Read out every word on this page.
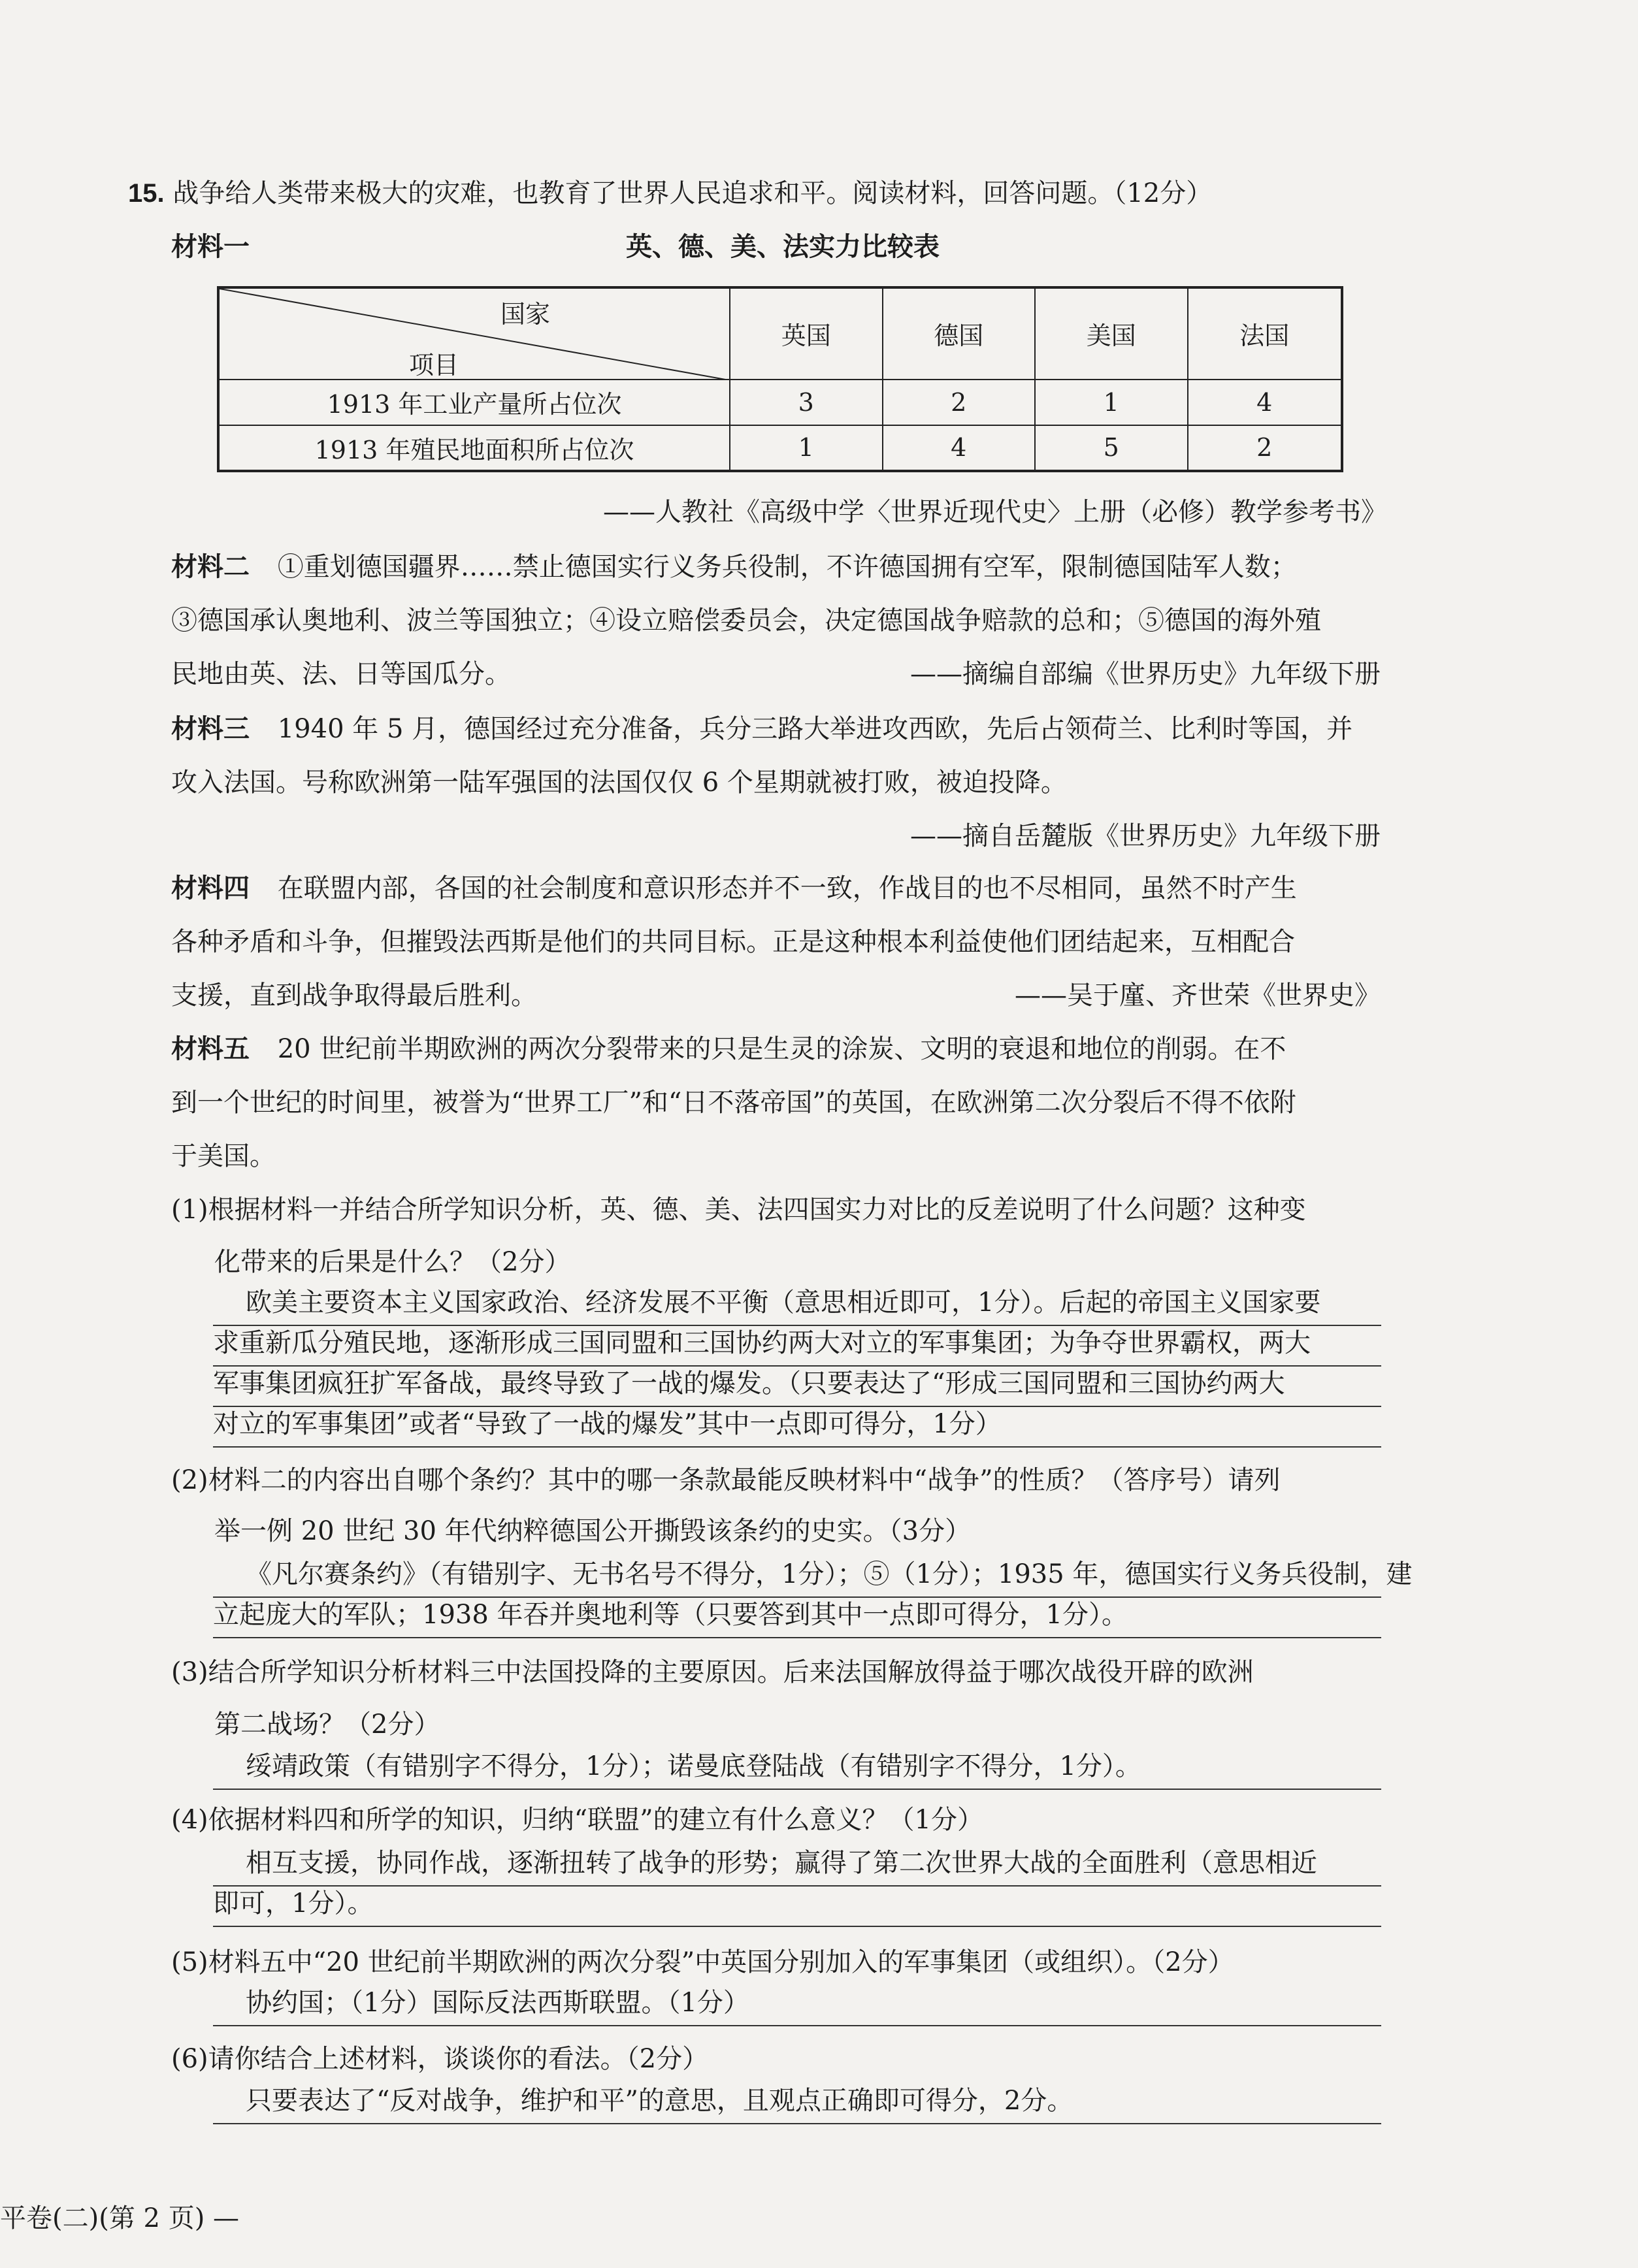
15. 战争给人类带来极大的灾难，也教育了世界人民追求和平。阅读材料，回答问题。（12分）
材料一	英、德、美、法实力比较表
国家
项目	英国	德国	美国	法国
1913 年工业产量所占位次	3	2	1	4
1913 年殖民地面积所占位次	1	4	5	2
——人教社《高级中学〈世界近现代史〉上册（必修）教学参考书》
材料二 ①重划德国疆界……禁止德国实行义务兵役制，不许德国拥有空军，限制德国陆军人数；
③德国承认奥地利、波兰等国独立；④设立赔偿委员会，决定德国战争赔款的总和；⑤德国的海外殖
民地由英、法、日等国瓜分。	——摘编自部编《世界历史》九年级下册
材料三 1940 年 5 月，德国经过充分准备，兵分三路大举进攻西欧，先后占领荷兰、比利时等国，并
攻入法国。号称欧洲第一陆军强国的法国仅仅 6 个星期就被打败，被迫投降。
——摘自岳麓版《世界历史》九年级下册
材料四 在联盟内部，各国的社会制度和意识形态并不一致，作战目的也不尽相同，虽然不时产生
各种矛盾和斗争，但摧毁法西斯是他们的共同目标。正是这种根本利益使他们团结起来，互相配合
支援，直到战争取得最后胜利。	——吴于廑、齐世荣《世界史》
材料五 20 世纪前半期欧洲的两次分裂带来的只是生灵的涂炭、文明的衰退和地位的削弱。在不
到一个世纪的时间里，被誉为“世界工厂”和“日不落帝国”的英国，在欧洲第二次分裂后不得不依附
于美国。
(1)根据材料一并结合所学知识分析，英、德、美、法四国实力对比的反差说明了什么问题？这种变
化带来的后果是什么？（2分）
欧美主要资本主义国家政治、经济发展不平衡（意思相近即可，1分）。后起的帝国主义国家要
求重新瓜分殖民地，逐渐形成三国同盟和三国协约两大对立的军事集团；为争夺世界霸权，两大
军事集团疯狂扩军备战，最终导致了一战的爆发。（只要表达了“形成三国同盟和三国协约两大
对立的军事集团”或者“导致了一战的爆发”其中一点即可得分，1分）
(2)材料二的内容出自哪个条约？其中的哪一条款最能反映材料中“战争”的性质？（答序号）请列
举一例 20 世纪 30 年代纳粹德国公开撕毁该条约的史实。（3分）
《凡尔赛条约》（有错别字、无书名号不得分，1分）；⑤（1分）；1935 年，德国实行义务兵役制，建
立起庞大的军队；1938 年吞并奥地利等（只要答到其中一点即可得分，1分）。
(3)结合所学知识分析材料三中法国投降的主要原因。后来法国解放得益于哪次战役开辟的欧洲
第二战场？（2分）
绥靖政策（有错别字不得分，1分）；诺曼底登陆战（有错别字不得分，1分）。
(4)依据材料四和所学的知识，归纳“联盟”的建立有什么意义？（1分）
相互支援，协同作战，逐渐扭转了战争的形势；赢得了第二次世界大战的全面胜利（意思相近
即可，1分）。
(5)材料五中“20 世纪前半期欧洲的两次分裂”中英国分别加入的军事集团（或组织）。（2分）
协约国；（1分）国际反法西斯联盟。（1分）
(6)请你结合上述材料，谈谈你的看法。（2分）
只要表达了“反对战争，维护和平”的意思，且观点正确即可得分，2分。
平卷(二)(第 2 页) —
